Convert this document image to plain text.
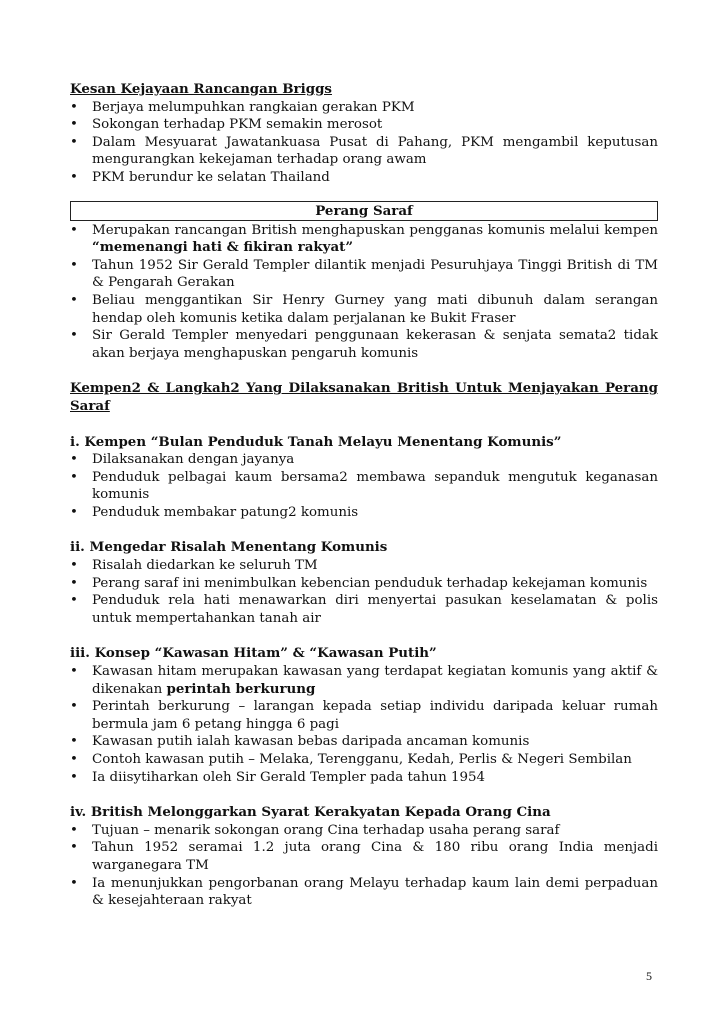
Kesan Kejayaan Rancangan Briggs

•	Berjaya melumpuhkan rangkaian gerakan PKM
•	Sokongan terhadap PKM semakin merosot
•	Dalam Mesyuarat Jawatankuasa Pusat di Pahang, PKM mengambil keputusan mengurangkan kekejaman terhadap orang awam
•	PKM berundur ke selatan Thailand
Perang Saraf
•	Merupakan rancangan British menghapuskan pengganas komunis melalui kempen “memenangi hati & fikiran rakyat”
•	Tahun 1952 Sir Gerald Templer dilantik menjadi Pesuruhjaya Tinggi British di TM & Pengarah Gerakan
•	Beliau menggantikan Sir Henry Gurney yang mati dibunuh dalam serangan hendap oleh komunis ketika dalam perjalanan ke Bukit Fraser
•	Sir Gerald Templer menyedari penggunaan kekerasan & senjata semata2 tidak akan berjaya menghapuskan pengaruh komunis

Kempen2 & Langkah2 Yang Dilaksanakan British Untuk Menjayakan Perang Saraf

i. Kempen “Bulan Penduduk Tanah Melayu Menentang Komunis”

•	Dilaksanakan dengan jayanya
•	Penduduk pelbagai kaum bersama2 membawa sepanduk mengutuk keganasan komunis
•	Penduduk membakar patung2 komunis

ii. Mengedar Risalah Menentang Komunis

•	Risalah diedarkan ke seluruh TM
•	Perang saraf ini menimbulkan kebencian penduduk terhadap kekejaman komunis
•	Penduduk rela hati menawarkan diri menyertai pasukan keselamatan & polis untuk mempertahankan tanah air

iii. Konsep “Kawasan Hitam” & “Kawasan Putih”

•	Kawasan hitam merupakan kawasan yang terdapat kegiatan komunis yang aktif & dikenakan perintah berkurung
•	Perintah berkurung – larangan kepada setiap individu daripada keluar rumah bermula jam 6 petang hingga 6 pagi
•	Kawasan putih ialah kawasan bebas daripada ancaman komunis
•	Contoh kawasan putih – Melaka, Terengganu, Kedah, Perlis & Negeri Sembilan
•	Ia diisytiharkan oleh Sir Gerald Templer pada tahun 1954

iv. British Melonggarkan Syarat Kerakyatan Kepada Orang Cina

•	Tujuan – menarik sokongan orang Cina terhadap usaha perang saraf
•	Tahun 1952 seramai 1.2 juta orang Cina & 180 ribu orang India menjadi warganegara TM
•	Ia menunjukkan pengorbanan orang Melayu terhadap kaum lain demi perpaduan & kesejahteraan rakyat
5
